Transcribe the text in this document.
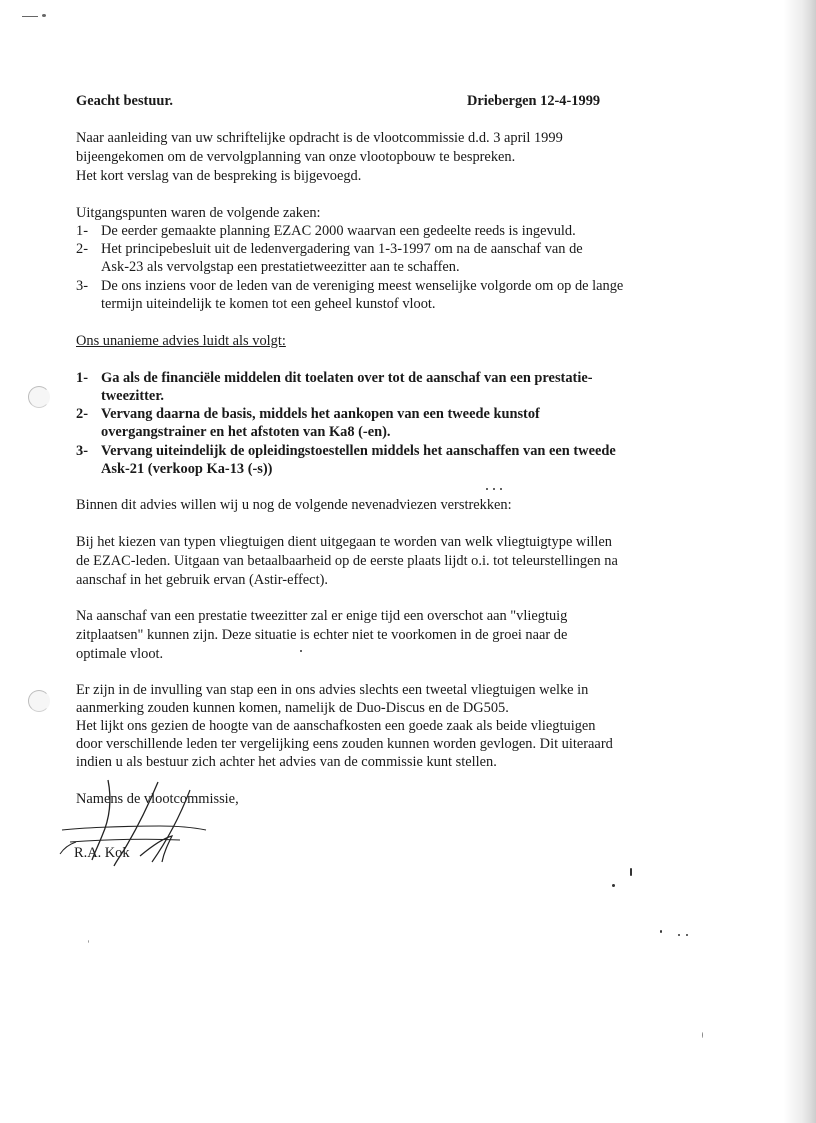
Geacht bestuur.	Driebergen 12-4-1999
Naar aanleiding van uw schriftelijke opdracht is de vlootcommissie d.d. 3 april 1999
bijeengekomen om de vervolgplanning van onze vlootopbouw te bespreken.
Het kort verslag van de bespreking is bijgevoegd.
Uitgangspunten waren de volgende zaken:
1- De eerder gemaakte planning EZAC 2000 waarvan een gedeelte reeds is ingevuld.
2- Het principebesluit uit de ledenvergadering van 1-3-1997 om na de aanschaf van de
Ask-23 als vervolgstap een prestatietweezitter aan te schaffen.
3- De ons inziens voor de leden van de vereniging meest wenselijke volgorde om op de lange
termijn uiteindelijk te komen tot een geheel kunstof vloot.
Ons unanieme advies luidt als volgt:
1- Ga als de financiële middelen dit toelaten over tot de aanschaf van een prestatie-
tweezitter.
2- Vervang daarna de basis, middels het aankopen van een tweede kunstof
overgangstrainer en het afstoten van Ka8 (-en).
3- Vervang uiteindelijk de opleidingstoestellen middels het aanschaffen van een tweede
Ask-21 (verkoop Ka-13 (-s))
Binnen dit advies willen wij u nog de volgende nevenadviezen verstrekken:
Bij het kiezen van typen vliegtuigen dient uitgegaan te worden van welk vliegtuigtype willen
de EZAC-leden. Uitgaan van betaalbaarheid op de eerste plaats lijdt o.i. tot teleurstellingen na
aanschaf in het gebruik ervan (Astir-effect).
Na aanschaf van een prestatie tweezitter zal er enige tijd een overschot aan "vliegtuig
zitplaatsen" kunnen zijn. Deze situatie is echter niet te voorkomen in de groei naar de
optimale vloot.
Er zijn in de invulling van stap een in ons advies slechts een tweetal vliegtuigen welke in
aanmerking zouden kunnen komen, namelijk de Duo-Discus en de DG505.
Het lijkt ons gezien de hoogte van de aanschafkosten een goede zaak als beide vliegtuigen
door verschillende leden ter vergelijking eens zouden kunnen worden gevlogen. Dit uiteraard
indien u als bestuur zich achter het advies van de commissie kunt stellen.
Namens de vlootcommissie,
R.A. Kok
